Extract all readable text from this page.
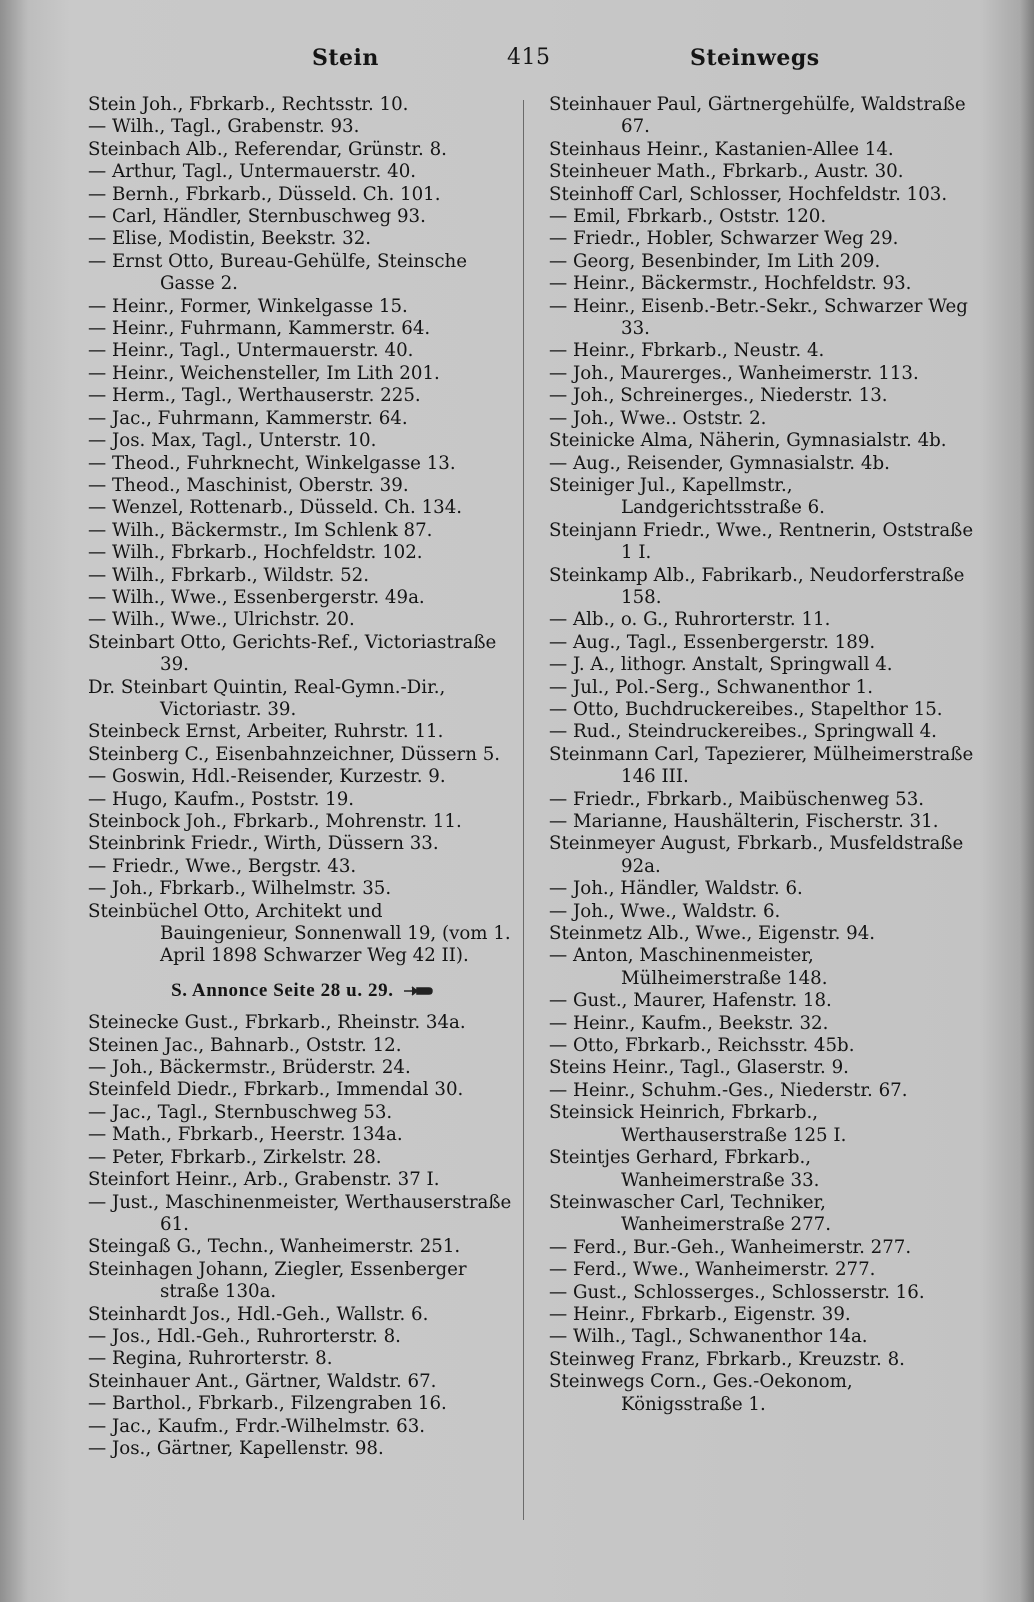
Stein	415	Steinwegs
Stein Joh., Fbrkarb., Rechtsstr. 10.
— Wilh., Tagl., Grabenstr. 93.
Steinbach Alb., Referendar, Grünstr. 8.
— Arthur, Tagl., Untermauerstr. 40.
— Bernh., Fbrkarb., Düsseld. Ch. 101.
— Carl, Händler, Sternbuschweg 93.
— Elise, Modistin, Beekstr. 32.
— Ernst Otto, Bureau-Gehülfe, Steinsche Gasse 2.
— Heinr., Former, Winkelgasse 15.
— Heinr., Fuhrmann, Kammerstr. 64.
— Heinr., Tagl., Untermauerstr. 40.
— Heinr., Weichensteller, Im Lith 201.
— Herm., Tagl., Werthauserstr. 225.
— Jac., Fuhrmann, Kammerstr. 64.
— Jos. Max, Tagl., Unterstr. 10.
— Theod., Fuhrknecht, Winkelgasse 13.
— Theod., Maschinist, Oberstr. 39.
— Wenzel, Rottenarb., Düsseld. Ch. 134.
— Wilh., Bäckermstr., Im Schlenk 87.
— Wilh., Fbrkarb., Hochfeldstr. 102.
— Wilh., Fbrkarb., Wildstr. 52.
— Wilh., Wwe., Essenbergerstr. 49a.
— Wilh., Wwe., Ulrichstr. 20.
Steinbart Otto, Gerichts-Ref., Victoriastraße 39.
Dr. Steinbart Quintin, Real-Gymn.-Dir., Victoriastr. 39.
Steinbeck Ernst, Arbeiter, Ruhrstr. 11.
Steinberg C., Eisenbahnzeichner, Düssern 5.
— Goswin, Hdl.-Reisender, Kurzestr. 9.
— Hugo, Kaufm., Poststr. 19.
Steinbock Joh., Fbrkarb., Mohrenstr. 11.
Steinbrink Friedr., Wirth, Düssern 33.
— Friedr., Wwe., Bergstr. 43.
— Joh., Fbrkarb., Wilhelmstr. 35.
Steinbüchel Otto, Architekt und Bauingenieur, Sonnenwall 19, (vom 1. April 1898 Schwarzer Weg 42 II).
S. Annonce Seite 28 u. 29.
Steinecke Gust., Fbrkarb., Rheinstr. 34a.
Steinen Jac., Bahnarb., Oststr. 12.
— Joh., Bäckermstr., Brüderstr. 24.
Steinfeld Diedr., Fbrkarb., Immendal 30.
— Jac., Tagl., Sternbuschweg 53.
— Math., Fbrkarb., Heerstr. 134a.
— Peter, Fbrkarb., Zirkelstr. 28.
Steinfort Heinr., Arb., Grabenstr. 37 I.
— Just., Maschinenmeister, Werthauserstraße 61.
Steingaß G., Techn., Wanheimerstr. 251.
Steinhagen Johann, Ziegler, Essenberger straße 130a.
Steinhardt Jos., Hdl.-Geh., Wallstr. 6.
— Jos., Hdl.-Geh., Ruhrorterstr. 8.
— Regina, Ruhrorterstr. 8.
Steinhauer Ant., Gärtner, Waldstr. 67.
— Barthol., Fbrkarb., Filzengraben 16.
— Jac., Kaufm., Frdr.-Wilhelmstr. 63.
— Jos., Gärtner, Kapellenstr. 98.
Steinhauer Paul, Gärtnergehülfe, Waldstraße 67.
Steinhaus Heinr., Kastanien-Allee 14.
Steinheuer Math., Fbrkarb., Austr. 30.
Steinhoff Carl, Schlosser, Hochfeldstr. 103.
— Emil, Fbrkarb., Oststr. 120.
— Friedr., Hobler, Schwarzer Weg 29.
— Georg, Besenbinder, Im Lith 209.
— Heinr., Bäckermstr., Hochfeldstr. 93.
— Heinr., Eisenb.-Betr.-Sekr., Schwarzer Weg 33.
— Heinr., Fbrkarb., Neustr. 4.
— Joh., Maurerges., Wanheimerstr. 113.
— Joh., Schreinerges., Niederstr. 13.
— Joh., Wwe.. Oststr. 2.
Steinicke Alma, Näherin, Gymnasialstr. 4b.
— Aug., Reisender, Gymnasialstr. 4b.
Steiniger Jul., Kapellmstr., Landgerichtsstraße 6.
Steinjann Friedr., Wwe., Rentnerin, Oststraße 1 I.
Steinkamp Alb., Fabrikarb., Neudorferstraße 158.
— Alb., o. G., Ruhrorterstr. 11.
— Aug., Tagl., Essenbergerstr. 189.
— J. A., lithogr. Anstalt, Springwall 4.
— Jul., Pol.-Serg., Schwanenthor 1.
— Otto, Buchdruckereibes., Stapelthor 15.
— Rud., Steindruckereibes., Springwall 4.
Steinmann Carl, Tapezierer, Mülheimerstraße 146 III.
— Friedr., Fbrkarb., Maibüschenweg 53.
— Marianne, Haushälterin, Fischerstr. 31.
Steinmeyer August, Fbrkarb., Musfeldstraße 92a.
— Joh., Händler, Waldstr. 6.
— Joh., Wwe., Waldstr. 6.
Steinmetz Alb., Wwe., Eigenstr. 94.
— Anton, Maschinenmeister, Mülheimerstraße 148.
— Gust., Maurer, Hafenstr. 18.
— Heinr., Kaufm., Beekstr. 32.
— Otto, Fbrkarb., Reichsstr. 45b.
Steins Heinr., Tagl., Glaserstr. 9.
— Heinr., Schuhm.-Ges., Niederstr. 67.
Steinsick Heinrich, Fbrkarb., Werthauserstraße 125 I.
Steintjes Gerhard, Fbrkarb., Wanheimerstraße 33.
Steinwascher Carl, Techniker, Wanheimerstraße 277.
— Ferd., Bur.-Geh., Wanheimerstr. 277.
— Ferd., Wwe., Wanheimerstr. 277.
— Gust., Schlosserges., Schlosserstr. 16.
— Heinr., Fbrkarb., Eigenstr. 39.
— Wilh., Tagl., Schwanenthor 14a.
Steinweg Franz, Fbrkarb., Kreuzstr. 8.
Steinwegs Corn., Ges.-Oekonom, Königsstraße 1.
